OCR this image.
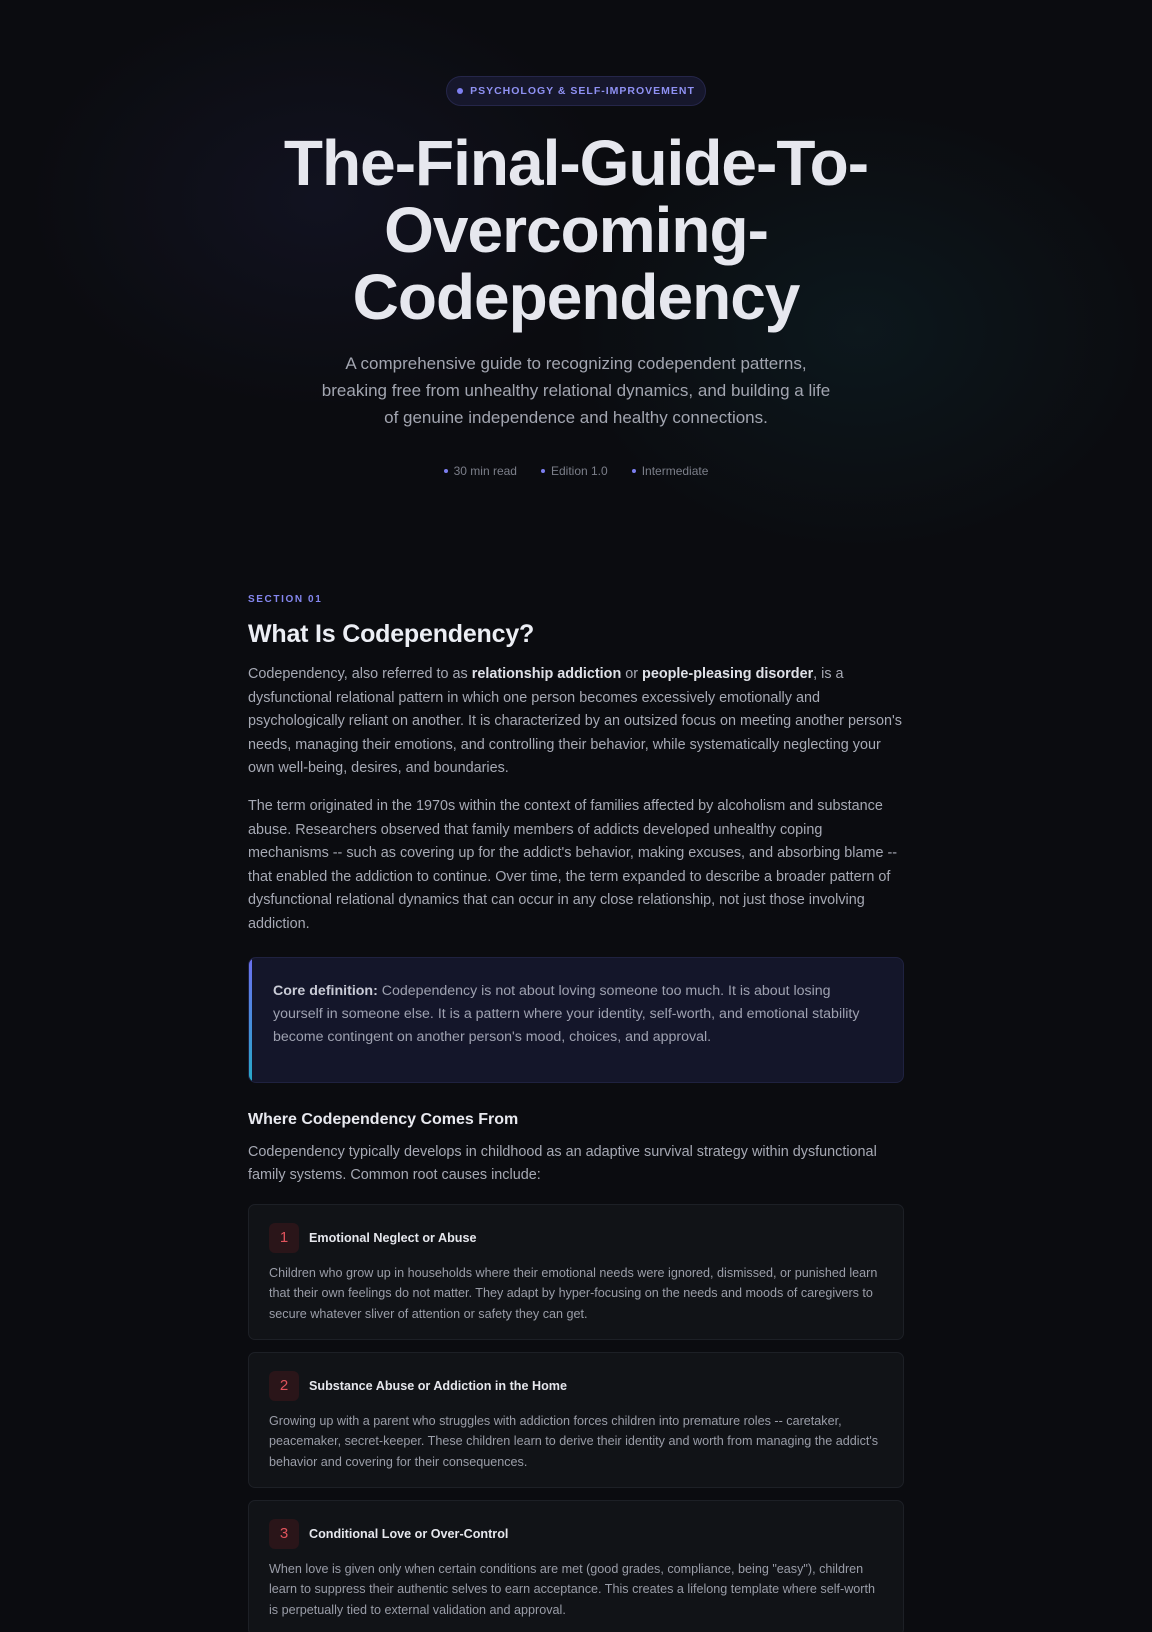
PSYCHOLOGY & SELF-IMPROVEMENT
The-Final-Guide-To-
Overcoming-
Codependency

A comprehensive guide to recognizing codependent patterns, breaking free from unhealthy relational dynamics, and building a life of genuine independence and healthy connections.

30 min read	Edition 1.0	Intermediate
SECTION 01
What Is Codependency?

Codependency, also referred to as relationship addiction or people-pleasing disorder, is a dysfunctional relational pattern in which one person becomes excessively emotionally and psychologically reliant on another. It is characterized by an outsized focus on meeting another person's needs, managing their emotions, and controlling their behavior, while systematically neglecting your own well-being, desires, and boundaries.

The term originated in the 1970s within the context of families affected by alcoholism and substance abuse. Researchers observed that family members of addicts developed unhealthy coping mechanisms -- such as covering up for the addict's behavior, making excuses, and absorbing blame -- that enabled the addiction to continue. Over time, the term expanded to describe a broader pattern of dysfunctional relational dynamics that can occur in any close relationship, not just those involving addiction.

Core definition: Codependency is not about loving someone too much. It is about losing yourself in someone else. It is a pattern where your identity, self-worth, and emotional stability become contingent on another person's mood, choices, and approval.

Where Codependency Comes From

Codependency typically develops in childhood as an adaptive survival strategy within dysfunctional family systems. Common root causes include:

1	Emotional Neglect or Abuse

Children who grow up in households where their emotional needs were ignored, dismissed, or punished learn that their own feelings do not matter. They adapt by hyper-focusing on the needs and moods of caregivers to secure whatever sliver of attention or safety they can get.

2	Substance Abuse or Addiction in the Home

Growing up with a parent who struggles with addiction forces children into premature roles -- caretaker, peacemaker, secret-keeper. These children learn to derive their identity and worth from managing the addict's behavior and covering for their consequences.

3	Conditional Love or Over-Control

When love is given only when certain conditions are met (good grades, compliance, being "easy"), children learn to suppress their authentic selves to earn acceptance. This creates a lifelong template where self-worth is perpetually tied to external validation and approval.
